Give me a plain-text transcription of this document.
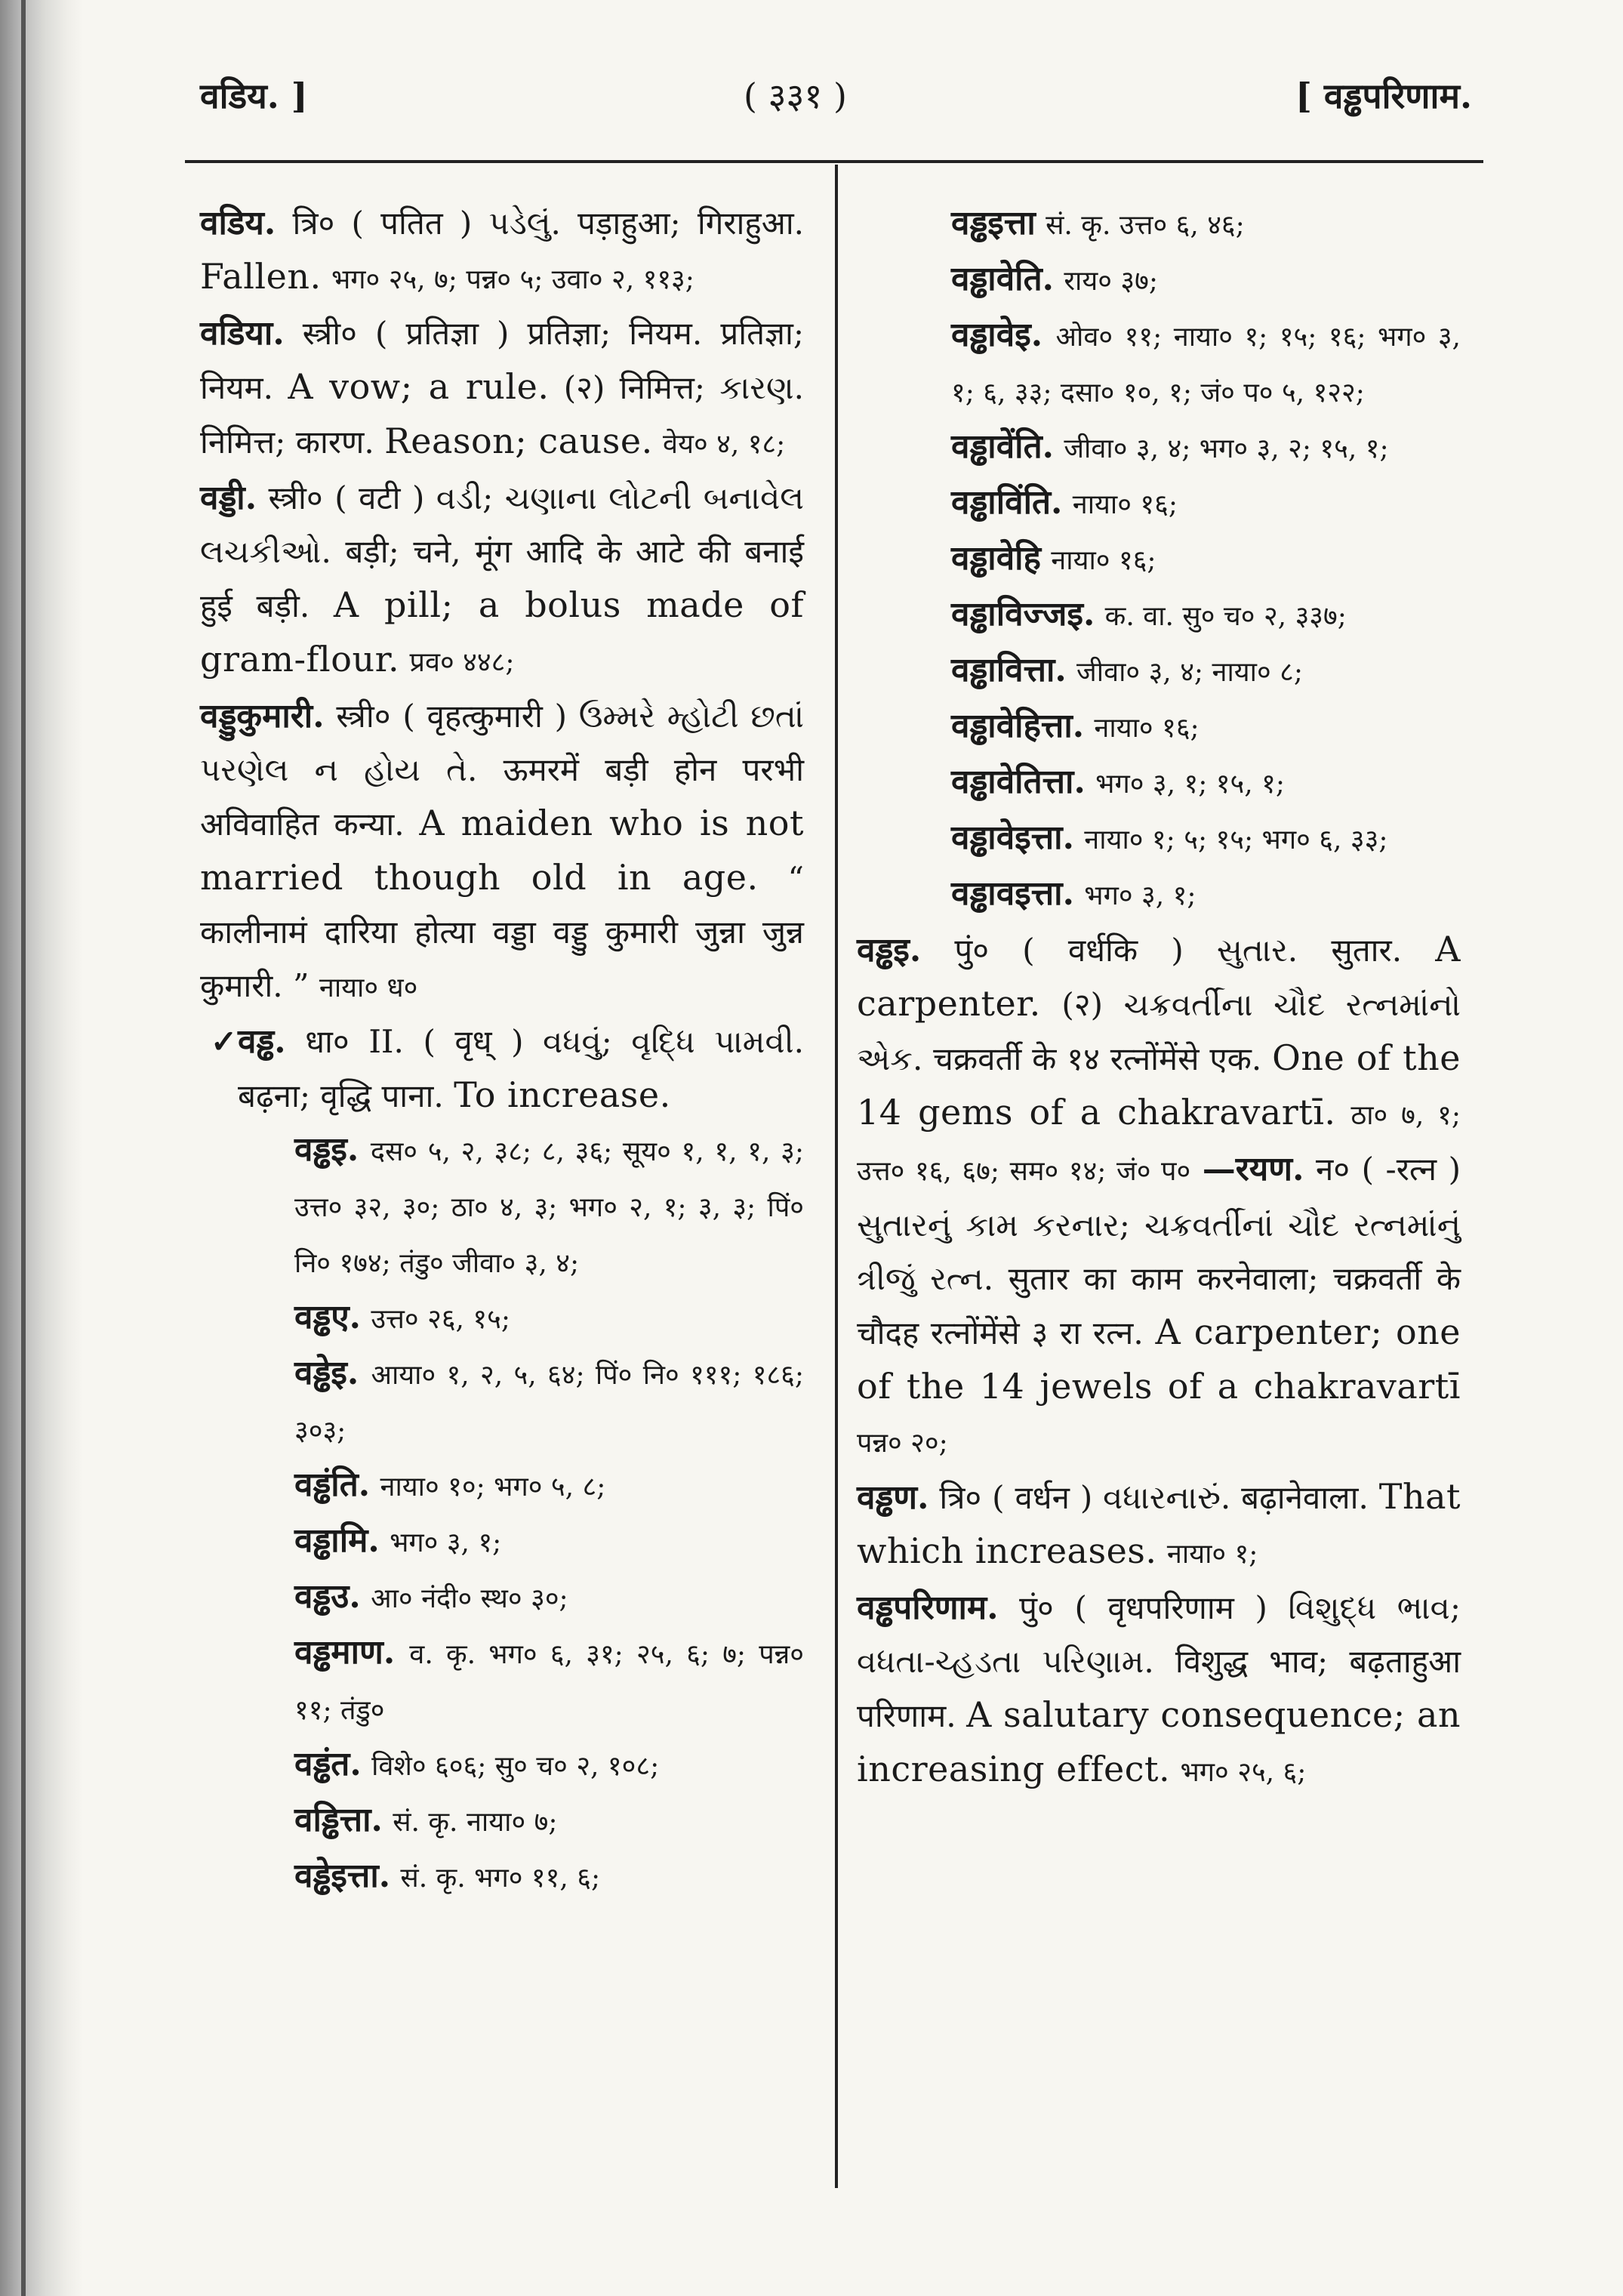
वडिय. ]	( ३३१ )	[ वड्ढपरिणाम.
वडिय. त्रि० ( पतित ) પડેલું. पड़ाहुआ; गिराहुआ. Fallen. भग० २५, ७; पन्न० ५; उवा० २, ११३;
वडिया. स्त्री० ( प्रतिज्ञा ) प्रतिज्ञा; नियम. प्रतिज्ञा; नियम. A vow; a rule. (२) निमित्त; કારણ. निमित्त; कारण. Reason; cause. वेय० ४, १८;
वड्डी. स्त्री० ( वटी ) વડી; ચણાના લોટની બનાવેલ લચકીઓ. बड़ी; चने, मूंग आदि के आटे की बनाई हुई बड़ी. A pill; a bolus made of gram-flour. प्रव० ४४८;
वड्डुकुमारी. स्त्री० ( वृहत्कुमारी ) ઉમ્મરે મ્હોટી છતાં પરણેલ ન હોય તે. ऊमरमें बड़ी होन परभी अविवाहित कन्या. A maiden who is not married though old in age. “ कालीनामं दारिया होत्या वड्डा वड्डु कुमारी जुन्ना जुन्न कुमारी. ” नाया० ध०
✓वड्ढ. धा० II. ( वृध् ) વધવું; વૃદ્ધિ પામવી. बढ़ना; वृद्धि पाना. To increase.
वड्ढइ. दस० ५, २, ३८; ८, ३६; सूय० १, १, १, ३; उत्त० ३२, ३०; ठा० ४, ३; भग० २, १; ३, ३; पिं० नि० १७४; तंडु० जीवा० ३, ४;
वड्ढए. उत्त० २६, १५;
वड्ढेइ. आया० १, २, ५, ६४; पिं० नि० १११; १८६; ३०३;
वड्ढंति. नाया० १०; भग० ५, ८;
वड्ढामि. भग० ३, १;
वड्ढउ. आ० नंदी० स्थ० ३०;
वड्ढमाण. व. कृ. भग० ६, ३१; २५, ६; ७; पन्न० ११; तंडु०
वड्ढंत. विशे० ६०६; सु० च० २, १०८;
वड्ढित्ता. सं. कृ. नाया० ७;
वड्ढेइत्ता. सं. कृ. भग० ११, ६;
वड्ढइत्ता सं. कृ. उत्त० ६, ४६;
वड्ढावेति. राय० ३७;
वड्ढावेइ. ओव० ११; नाया० १; १५; १६; भग० ३, १; ६, ३३; दसा० १०, १; जं० प० ५, १२२;
वड्ढावेंति. जीवा० ३, ४; भग० ३, २; १५, १;
वड्ढाविंति. नाया० १६;
वड्ढावेहि नाया० १६;
वड्ढाविज्जइ. क. वा. सु० च० २, ३३७;
वड्ढावित्ता. जीवा० ३, ४; नाया० ८;
वड्ढावेहित्ता. नाया० १६;
वड्ढावेतित्ता. भग० ३, १; १५, १;
वड्ढावेइत्ता. नाया० १; ५; १५; भग० ६, ३३;
वड्ढावइत्ता. भग० ३, १;
वड्ढइ. पुं० ( वर्धकि ) સુતાર. सुतार. A carpenter. (२) ચક્રવર્તીના ચૌદ રત્નમાંનો એક. चक्रवर्ती के १४ रत्नोंमेंसे एक. One of the 14 gems of a chakravartī. ठा० ७, १; उत्त० १६, ६७; सम० १४; जं० प० —रयण. न० ( -रत्न ) સુતારનું કામ કરનાર; ચક્રવર્તીનાં ચૌદ રત્નમાંનું ત્રીજું રત્ન. सुतार का काम करनेवाला; चक्रवर्ती के चौदह रत्नोंमेंसे ३ रा रत्न. A carpenter; one of the 14 jewels of a chakravartī पन्न० २०;
वड्ढण. त्रि० ( वर्धन ) વધારનારું. बढ़ानेवाला. That which increases. नाया० १;
वड्ढपरिणाम. पुं० ( वृधपरिणाम ) વિશુદ્ધ ભાવ; વધતા-ચ્હડતા પરિણામ. विशुद्ध भाव; बढ़ताहुआ परिणाम. A salutary consequence; an increasing effect. भग० २५, ६;
